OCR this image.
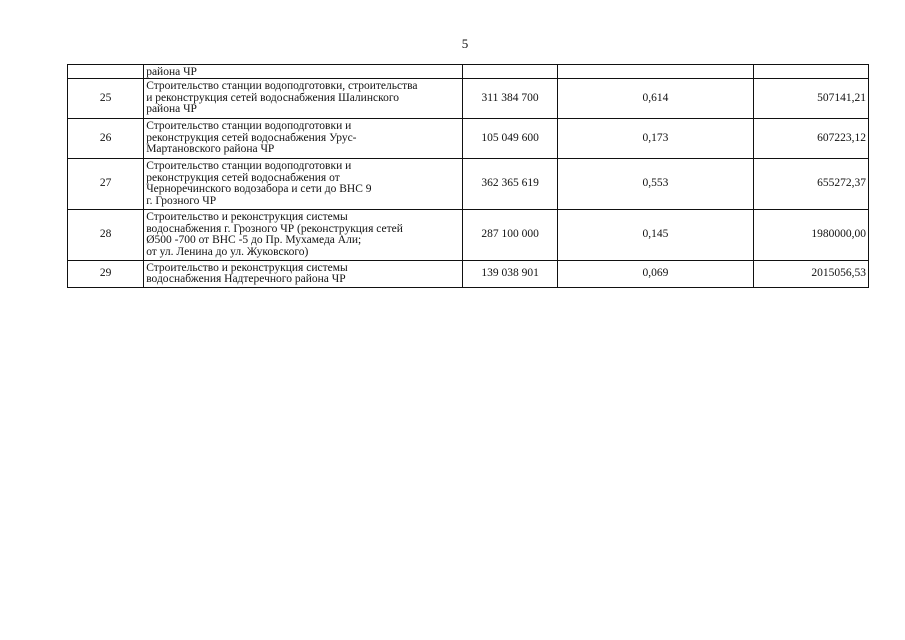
5

	района ЧР			

25	Строительство станции водоподготовки, строительства
и реконструкция сетей водоснабжения Шалинского
района ЧР	311 384 700	0,614	507141,21
26	Строительство станции водоподготовки и
реконструкция сетей водоснабжения Урус-
Мартановского района ЧР	105 049 600	0,173	607223,12
27	Строительство станции водоподготовки и
реконструкция сетей водоснабжения от
Черноречинского водозабора и сети до ВНС 9
г. Грозного ЧР	362 365 619	0,553	655272,37
28	Строительство и реконструкция системы
водоснабжения г. Грозного ЧР (реконструкция сетей
Ø500 -700 от ВНС -5 до Пр. Мухамеда Али;
от ул. Ленина до ул. Жуковского)	287 100 000	0,145	1980000,00
29	Строительство и реконструкция системы
водоснабжения Надтеречного района ЧР	139 038 901	0,069	2015056,53
